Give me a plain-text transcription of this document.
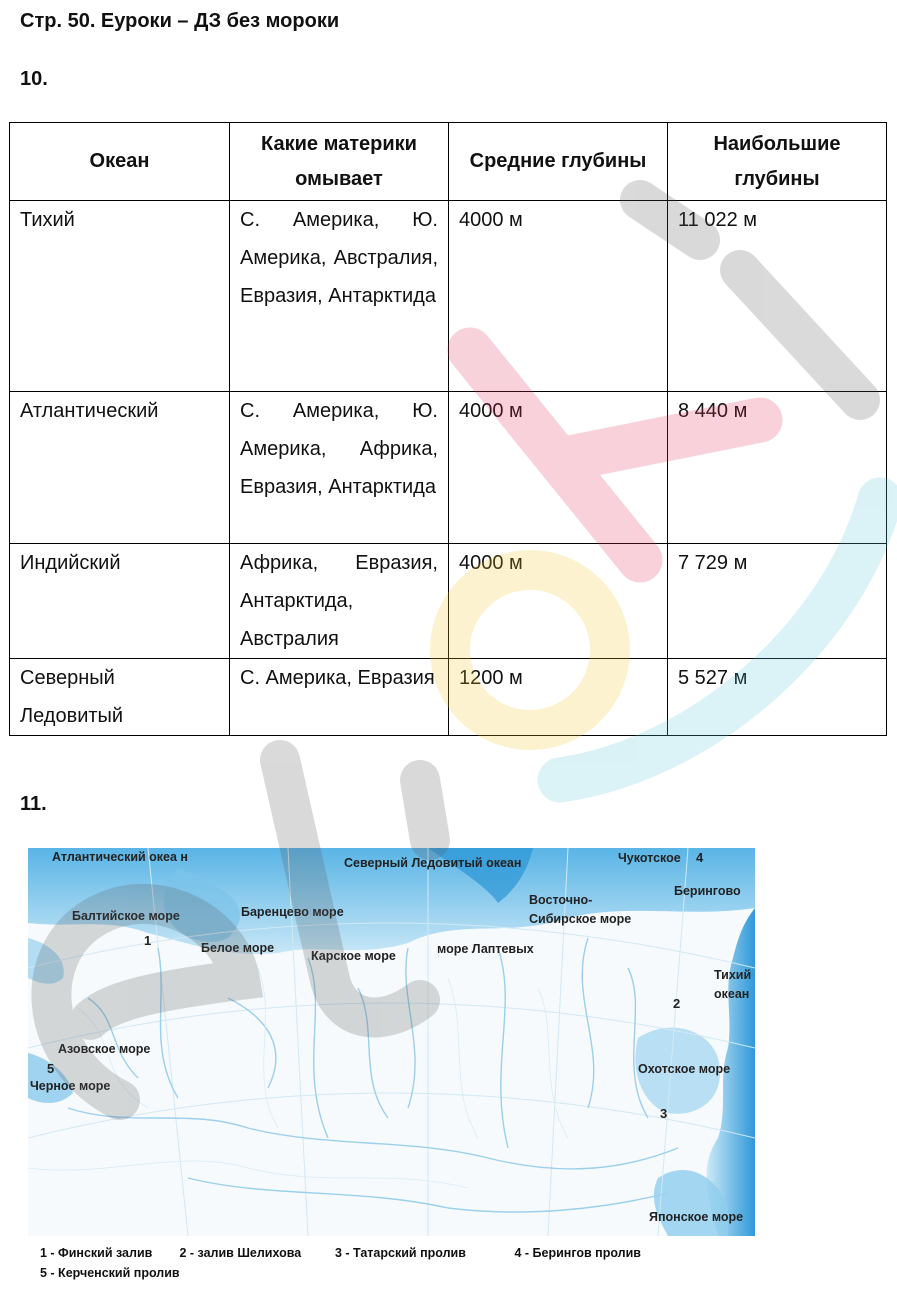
Стр. 50. Еуроки – ДЗ без мороки
10.
Океан	Какие материки омывает	Средние глубины	Наибольшие глубины
Тихий	С. Америка, Ю. Америка, Австралия, Евразия, Антарктида	4000 м	11 022 м
Атлантический	С. Америка, Ю. Америка, Африка, Евразия, Антарктида	4000 м	8 440 м
Индийский	Африка, Евразия, Антарктида, Австралия	4000 м	7 729 м
Северный Ледовитый	С. Америка, Евразия	1200 м	5 527 м
11.
Атлантический океа н	Северный Ледовитый океан	Чукотское
Берингово
Балтийское море	Баренцево море
Восточно-
Сибирское море
Белое море
Карское море	море Лаптевых
Тихий
океан
Азовское море
Черное море
Охотское море
Японское море
1
2
3
4
5
1 - Финский залив 2 - залив Шелихова	3 - Татарский пролив	4 - Берингов пролив
5 - Керченский пролив
